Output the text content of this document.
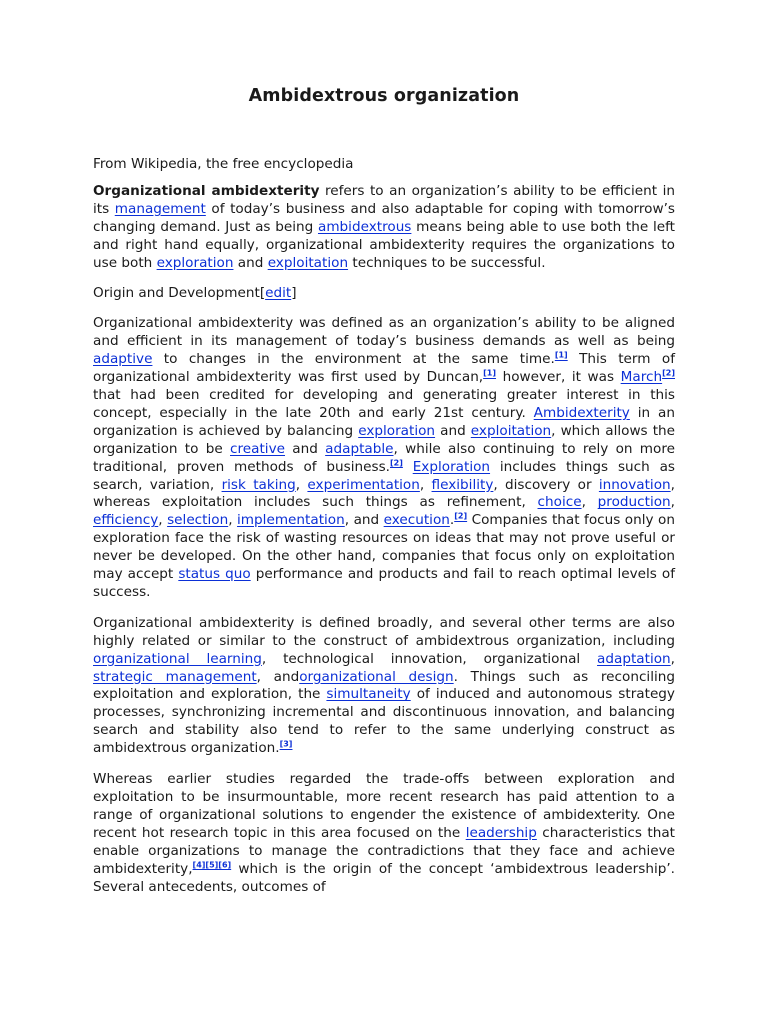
Ambidextrous organization

From Wikipedia, the free encyclopedia

Organizational ambidexterity refers to an organization’s ability to be efficient in its management of today’s business and also adaptable for coping with tomorrow’s changing demand. Just as being ambidextrous means being able to use both the left and right hand equally, organizational ambidexterity requires the organizations to use both exploration and exploitation techniques to be successful.

Origin and Development[edit]

Organizational ambidexterity was defined as an organization’s ability to be aligned and efficient in its management of today’s business demands as well as being adaptive to changes in the environment at the same time.[1] This term of organizational ambidexterity was first used by Duncan,[1] however, it was March[2] that had been credited for developing and generating greater interest in this concept, especially in the late 20th and early 21st century. Ambidexterity in an organization is achieved by balancing exploration and exploitation, which allows the organization to be creative and adaptable, while also continuing to rely on more traditional, proven methods of business.[2] Exploration includes things such as search, variation, risk taking, experimentation, flexibility, discovery or innovation, whereas exploitation includes such things as refinement, choice, production, efficiency, selection, implementation, and execution.[2] Companies that focus only on exploration face the risk of wasting resources on ideas that may not prove useful or never be developed. On the other hand, companies that focus only on exploitation may accept status quo performance and products and fail to reach optimal levels of success.

Organizational ambidexterity is defined broadly, and several other terms are also highly related or similar to the construct of ambidextrous organization, including organizational learning, technological innovation, organizational adaptation, strategic management, andorganizational design. Things such as reconciling exploitation and exploration, the simultaneity of induced and autonomous strategy processes, synchronizing incremental and discontinuous innovation, and balancing search and stability also tend to refer to the same underlying construct as ambidextrous organization.[3]

Whereas earlier studies regarded the trade-offs between exploration and exploitation to be insurmountable, more recent research has paid attention to a range of organizational solutions to engender the existence of ambidexterity. One recent hot research topic in this area focused on the leadership characteristics that enable organizations to manage the contradictions that they face and achieve ambidexterity,[4][5][6] which is the origin of the concept ‘ambidextrous leadership’. Several antecedents, outcomes of
